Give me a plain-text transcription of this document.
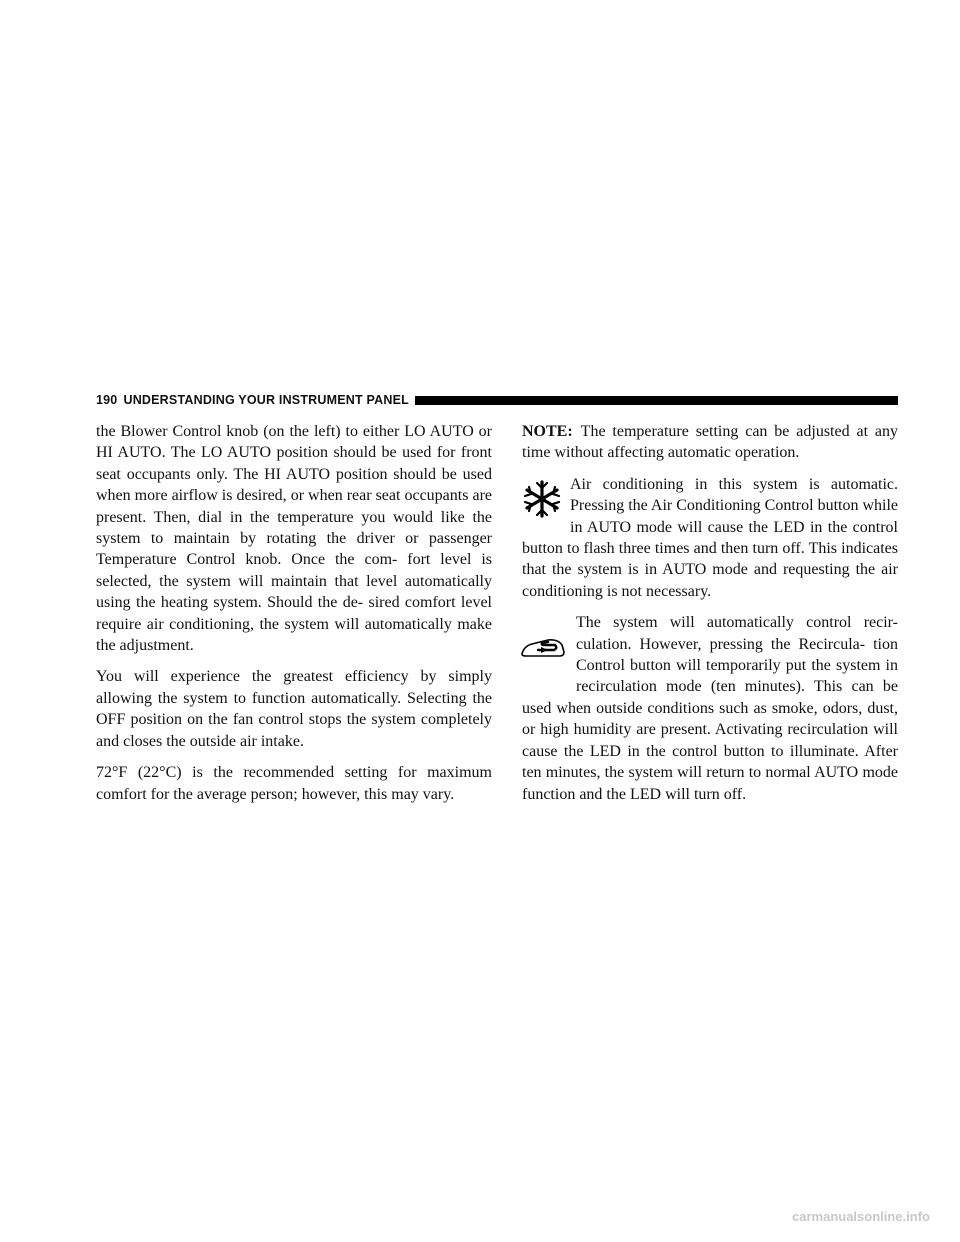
190 UNDERSTANDING YOUR INSTRUMENT PANEL

the Blower Control knob (on the left) to either LO AUTO or HI AUTO. The LO AUTO position should be used for front seat occupants only. The HI AUTO position should be used when more airflow is desired, or when rear seat occupants are present. Then, dial in the temperature you would like the system to maintain by rotating the driver or passenger Temperature Control knob. Once the com- fort level is selected, the system will maintain that level automatically using the heating system. Should the de- sired comfort level require air conditioning, the system will automatically make the adjustment.

You will experience the greatest efficiency by simply allowing the system to function automatically. Selecting the OFF position on the fan control stops the system completely and closes the outside air intake.

72°F (22°C) is the recommended setting for maximum comfort for the average person; however, this may vary.

NOTE: The temperature setting can be adjusted at any time without affecting automatic operation.

Air conditioning in this system is automatic. Pressing the Air Conditioning Control button while in AUTO mode will cause the LED in the control button to flash three times and then turn off. This indicates that the system is in AUTO mode and requesting the air conditioning is not necessary.

The system will automatically control recir- culation. However, pressing the Recircula- tion Control button will temporarily put the system in recirculation mode (ten minutes). This can be used when outside conditions such as smoke, odors, dust, or high humidity are present. Activating recirculation will cause the LED in the control button to illuminate. After ten minutes, the system will return to normal AUTO mode function and the LED will turn off.

carmanualsonline.info
